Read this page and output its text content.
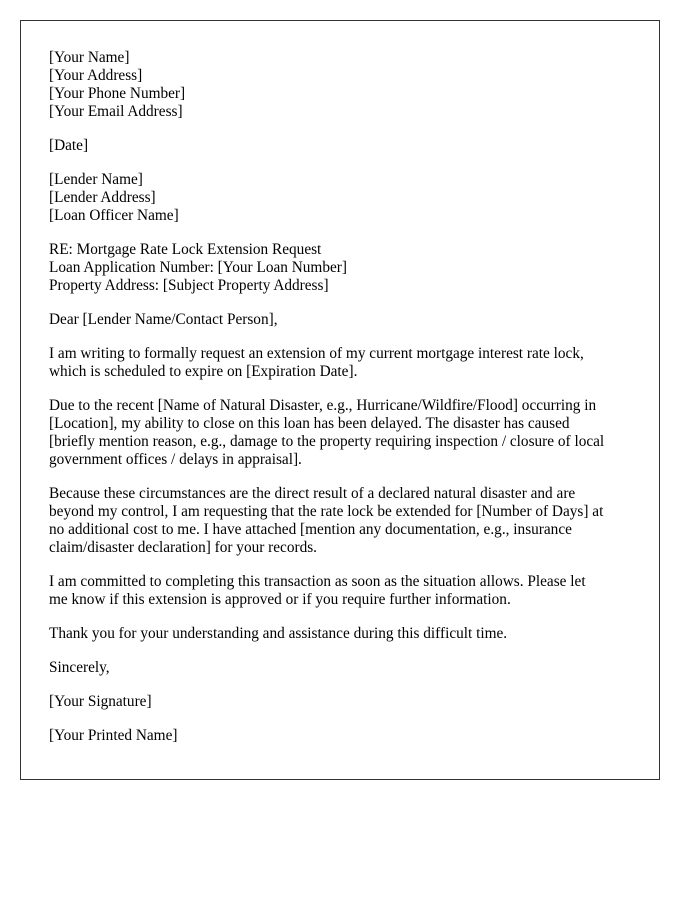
[Your Name]
[Your Address]
[Your Phone Number]
[Your Email Address]
[Date]
[Lender Name]
[Lender Address]
[Loan Officer Name]
RE: Mortgage Rate Lock Extension Request
Loan Application Number: [Your Loan Number]
Property Address: [Subject Property Address]

Dear [Lender Name/Contact Person],

I am writing to formally request an extension of my current mortgage interest rate lock,
which is scheduled to expire on [Expiration Date].

Due to the recent [Name of Natural Disaster, e.g., Hurricane/Wildfire/Flood] occurring in
[Location], my ability to close on this loan has been delayed. The disaster has caused
[briefly mention reason, e.g., damage to the property requiring inspection / closure of local
government offices / delays in appraisal].

Because these circumstances are the direct result of a declared natural disaster and are
beyond my control, I am requesting that the rate lock be extended for [Number of Days] at
no additional cost to me. I have attached [mention any documentation, e.g., insurance
claim/disaster declaration] for your records.

I am committed to completing this transaction as soon as the situation allows. Please let
me know if this extension is approved or if you require further information.

Thank you for your understanding and assistance during this difficult time.

Sincerely,

[Your Signature]

[Your Printed Name]
